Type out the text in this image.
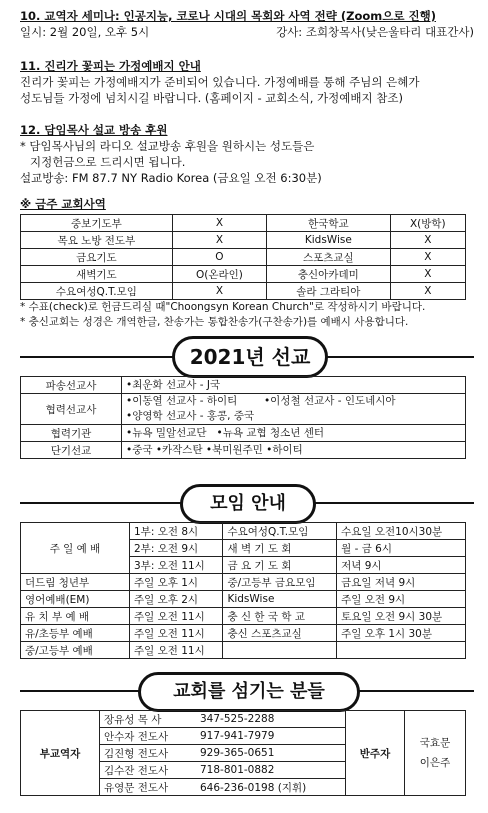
10. 교역자 세미나: 인공지능, 코로나 시대의 목회와 사역 전략 (Zoom으로 진행)
일시: 2월 20일, 오후 5시	강사: 조희창목사(낮은울타리 대표간사)
11. 진리가 꽃피는 가정예배지 안내
진리가 꽃피는 가정예배지가 준비되어 있습니다. 가정예배를 통해 주님의 은혜가
성도님들 가정에 넘치시길 바랍니다. (홈페이지 - 교회소식, 가정예배지 참조)
12. 담임목사 설교 방송 후원
* 담임목사님의 라디오 설교방송 후원을 원하시는 성도들은
지정헌금으로 드리시면 됩니다.
설교방송: FM 87.7 NY Radio Korea (금요일 오전 6:30분)
※ 금주 교회사역
중보기도부	X	한국학교	X(방학)
목요 노방 전도부	X	KidsWise	X
금요기도	O	스포츠교실	X
새벽기도	O(온라인)	충신아카데미	X
수요여성Q.T.모임	X	솔라 그라티아	X
* 수표(check)로 헌금드리실 때"Choongsyn Korean Church"로 작성하시기 바랍니다.
* 충신교회는 성경은 개역한글, 찬송가는 통합찬송가(구찬송가)를 예배시 사용합니다.
2021년 선교
파송선교사	•최운화 선교사 - J국

협력선교사	•이동열 선교사 - 하이티        •이성철 선교사 - 인도네시아
•양영학 선교사 - 홍콩, 중국

협력기관	•뉴욕 밀알선교단   •뉴욕 교협 청소년 센터

단기선교	•중국 •카작스탄 •북미원주민 •하이티
모임 안내
주 일 예 배	1부: 오전 8시	수요여성Q.T.모임	수요일 오전10시30분
	2부: 오전 9시	새 벽 기 도 회	월 - 금 6시
	3부: 오전 11시	금 요 기 도 회	저녁 9시
더드림 청년부	주일 오후 1시	중/고등부 금요모임	금요일 저녁 9시
영어예배(EM)	주일 오후 2시	KidsWise	주일 오전 9시
유 치 부 예 배	주일 오전 11시	충 신 한 국 학 교	토요일 오전 9시 30분
유/초등부 예배	주일 오전 11시	충신 스포츠교실	주일 오후 1시 30분
중/고등부 예배	주일 오전 11시		
교회를 섬기는 분들
부교역자	장유성 목 사	347-525-2288	반주자	국효문
이은주

	안수자 전도사	917-941-7979		
	김진형 전도사	929-365-0651		
	김수잔 전도사	718-801-0882		
	유영문 전도사	646-236-0198 (지휘)		
